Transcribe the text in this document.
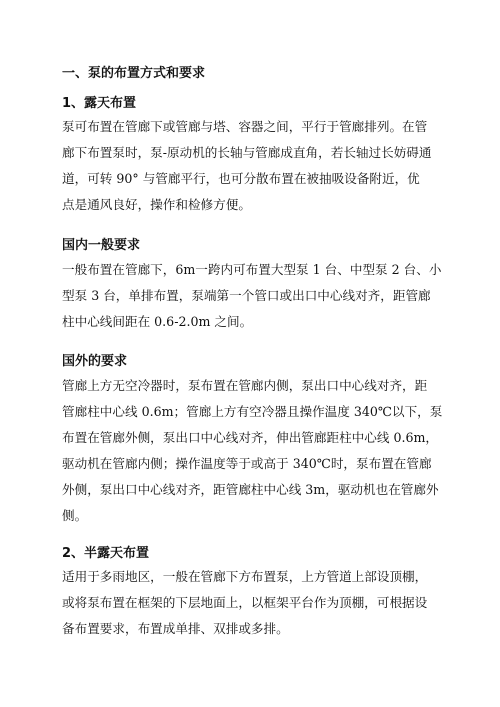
一、泵的布置方式和要求
1、露天布置
泵可布置在管廊下或管廊与塔、容器之间，平行于管廊排列。在管
廊下布置泵时，泵-原动机的长轴与管廊成直角，若长轴过长妨碍通
道，可转 90° 与管廊平行，也可分散布置在被抽吸设备附近，优
点是通风良好，操作和检修方便。
国内一般要求
一般布置在管廊下，6m一跨内可布置大型泵 1 台、中型泵 2 台、小
型泵 3 台，单排布置，泵端第一个管口或出口中心线对齐，距管廊
柱中心线间距在 0.6-2.0m 之间。
国外的要求
管廊上方无空冷器时，泵布置在管廊内侧，泵出口中心线对齐，距
管廊柱中心线 0.6m；管廊上方有空冷器且操作温度 340℃以下，泵
布置在管廊外侧，泵出口中心线对齐，伸出管廊距柱中心线 0.6m，
驱动机在管廊内侧；操作温度等于或高于 340℃时，泵布置在管廊
外侧，泵出口中心线对齐，距管廊柱中心线 3m，驱动机也在管廊外
侧。
2、半露天布置
适用于多雨地区，一般在管廊下方布置泵，上方管道上部设顶棚，
或将泵布置在框架的下层地面上，以框架平台作为顶棚，可根据设
备布置要求，布置成单排、双排或多排。
